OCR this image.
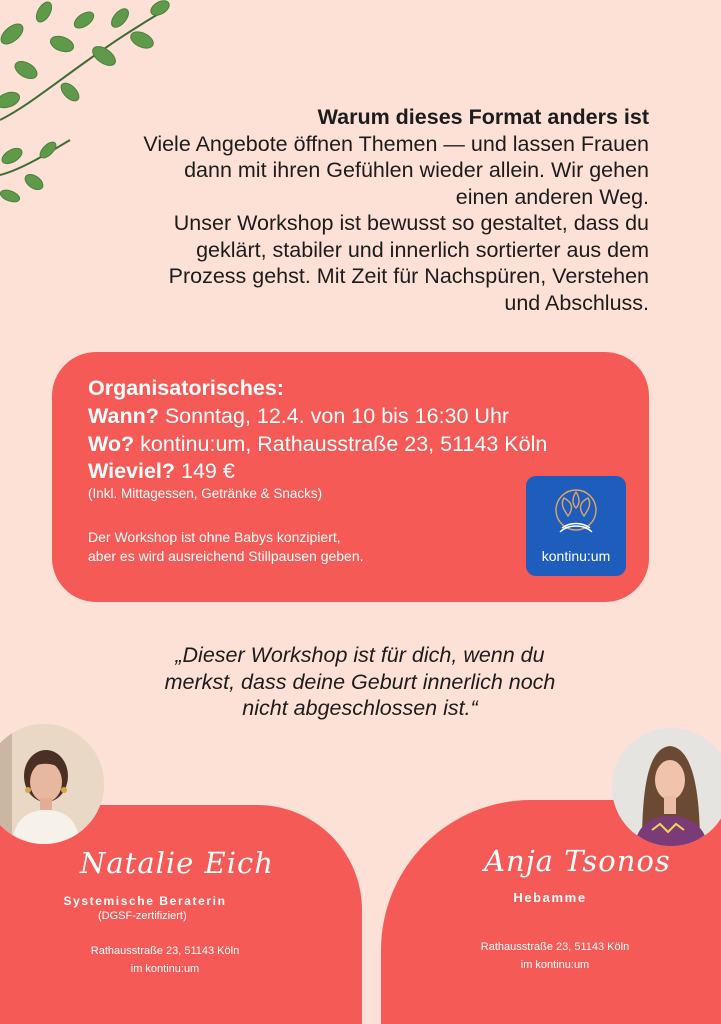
Warum dieses Format anders ist
Viele Angebote öffnen Themen — und lassen Frauen
dann mit ihren Gefühlen wieder allein. Wir gehen
einen anderen Weg.
Unser Workshop ist bewusst so gestaltet, dass du
geklärt, stabiler und innerlich sortierter aus dem
Prozess gehst. Mit Zeit für Nachspüren, Verstehen
und Abschluss.
Organisatorisches:
Wann? Sonntag, 12.4. von 10 bis 16:30 Uhr
Wo? kontinu:um, Rathausstraße 23, 51143 Köln
Wieviel? 149 €
(Inkl. Mittagessen, Getränke & Snacks)
Der Workshop ist ohne Babys konzipiert,
aber es wird ausreichend Stillpausen geben.	kontinu:um
„Dieser Workshop ist für dich, wenn du
merkst, dass deine Geburt innerlich noch
nicht abgeschlossen ist.“
Natalie Eich
Systemische Beraterin
(DGSF-zertifiziert)
Rathausstraße 23, 51143 Köln
im kontinu:um
Anja Tsonos
Hebamme
Rathausstraße 23, 51143 Köln
im kontinu:um
